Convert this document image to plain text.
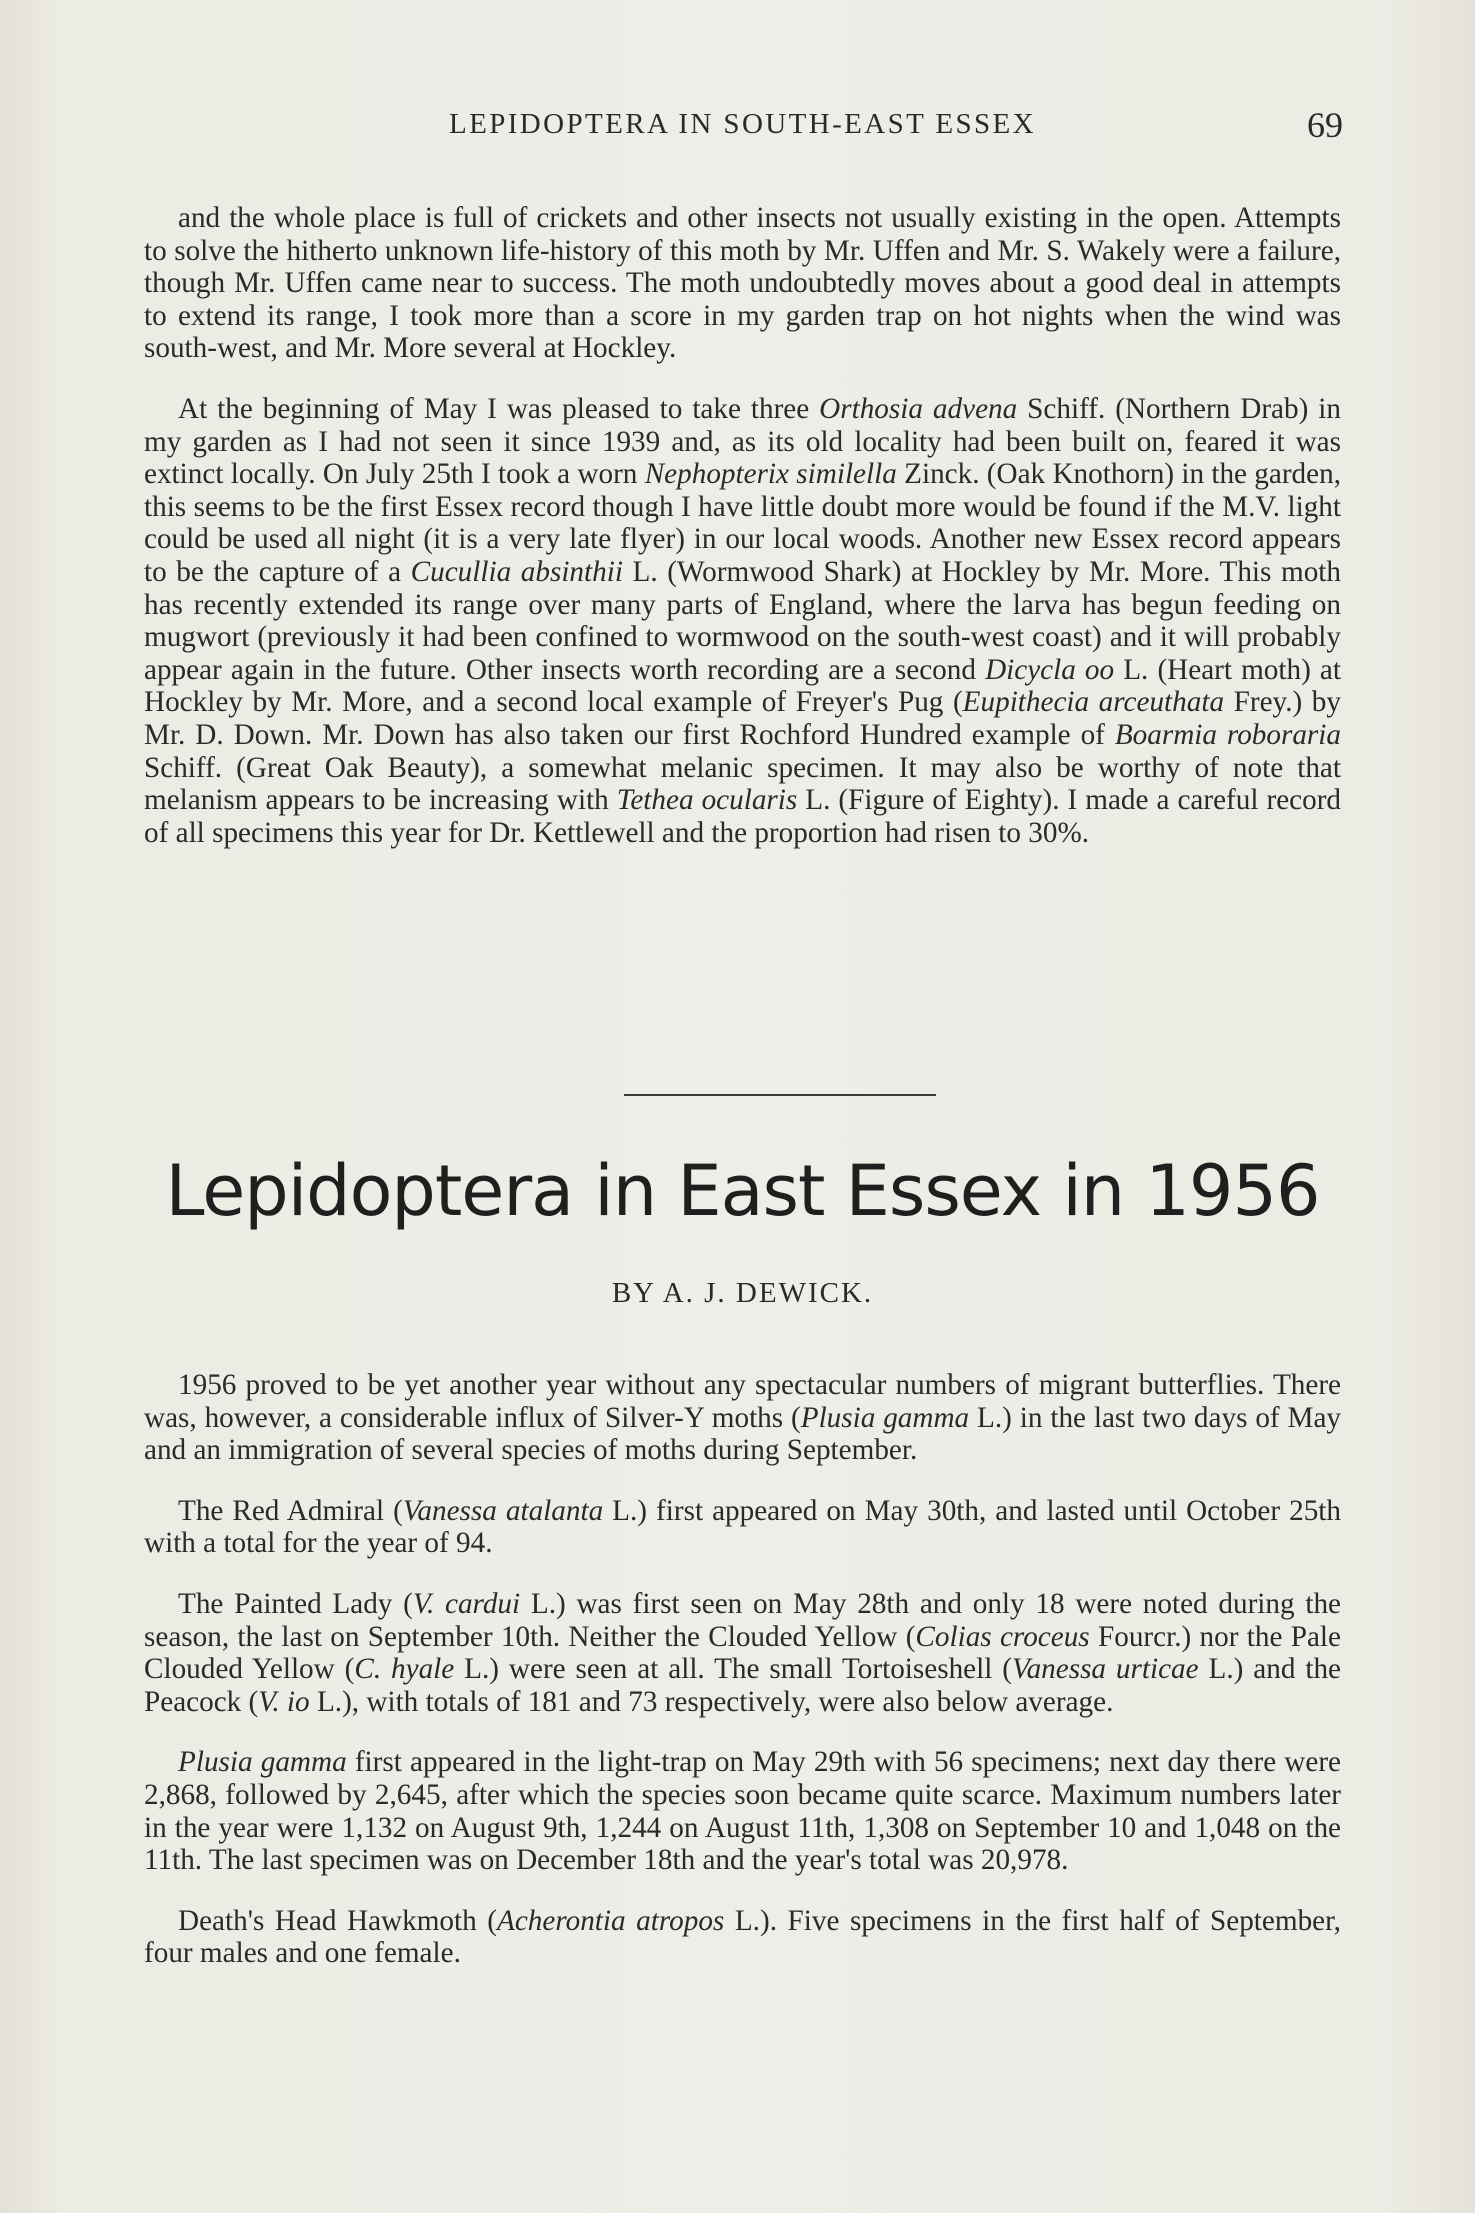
LEPIDOPTERA IN SOUTH-EAST ESSEX	69

and the whole place is full of crickets and other insects not usually existing in the open. Attempts to solve the hitherto unknown life-history of this moth by Mr. Uffen and Mr. S. Wakely were a failure, though Mr. Uffen came near to success. The moth undoubtedly moves about a good deal in attempts to extend its range, I took more than a score in my garden trap on hot nights when the wind was south-west, and Mr. More several at Hockley.

At the beginning of May I was pleased to take three Orthosia advena Schiff. (Northern Drab) in my garden as I had not seen it since 1939 and, as its old locality had been built on, feared it was extinct locally. On July 25th I took a worn Nephopterix similella Zinck. (Oak Knothorn) in the garden, this seems to be the first Essex record though I have little doubt more would be found if the M.V. light could be used all night (it is a very late flyer) in our local woods. Another new Essex record appears to be the capture of a Cucullia absinthii L. (Wormwood Shark) at Hockley by Mr. More. This moth has recently extended its range over many parts of England, where the larva has begun feeding on mugwort (previously it had been confined to wormwood on the south-west coast) and it will probably appear again in the future. Other insects worth recording are a second Dicycla oo L. (Heart moth) at Hockley by Mr. More, and a second local example of Freyer's Pug (Eupithecia arceuthata Frey.) by Mr. D. Down. Mr. Down has also taken our first Rochford Hundred example of Boarmia roboraria Schiff. (Great Oak Beauty), a somewhat melanic specimen. It may also be worthy of note that melanism appears to be increasing with Tethea ocularis L. (Figure of Eighty). I made a careful record of all specimens this year for Dr. Kettlewell and the proportion had risen to 30%.

Lepidoptera in East Essex in 1956
BY A. J. DEWICK.

1956 proved to be yet another year without any spectacular numbers of migrant butterflies. There was, however, a considerable influx of Silver-Y moths (Plusia gamma L.) in the last two days of May and an immigration of several species of moths during September.

The Red Admiral (Vanessa atalanta L.) first appeared on May 30th, and lasted until October 25th with a total for the year of 94.

The Painted Lady (V. cardui L.) was first seen on May 28th and only 18 were noted during the season, the last on September 10th. Neither the Clouded Yellow (Colias croceus Fourcr.) nor the Pale Clouded Yellow (C. hyale L.) were seen at all. The small Tortoiseshell (Vanessa urticae L.) and the Peacock (V. io L.), with totals of 181 and 73 respectively, were also below average.

Plusia gamma first appeared in the light-trap on May 29th with 56 specimens; next day there were 2,868, followed by 2,645, after which the species soon became quite scarce. Maximum numbers later in the year were 1,132 on August 9th, 1,244 on August 11th, 1,308 on September 10 and 1,048 on the 11th. The last specimen was on December 18th and the year's total was 20,978.

Death's Head Hawkmoth (Acherontia atropos L.). Five specimens in the first half of September, four males and one female.
